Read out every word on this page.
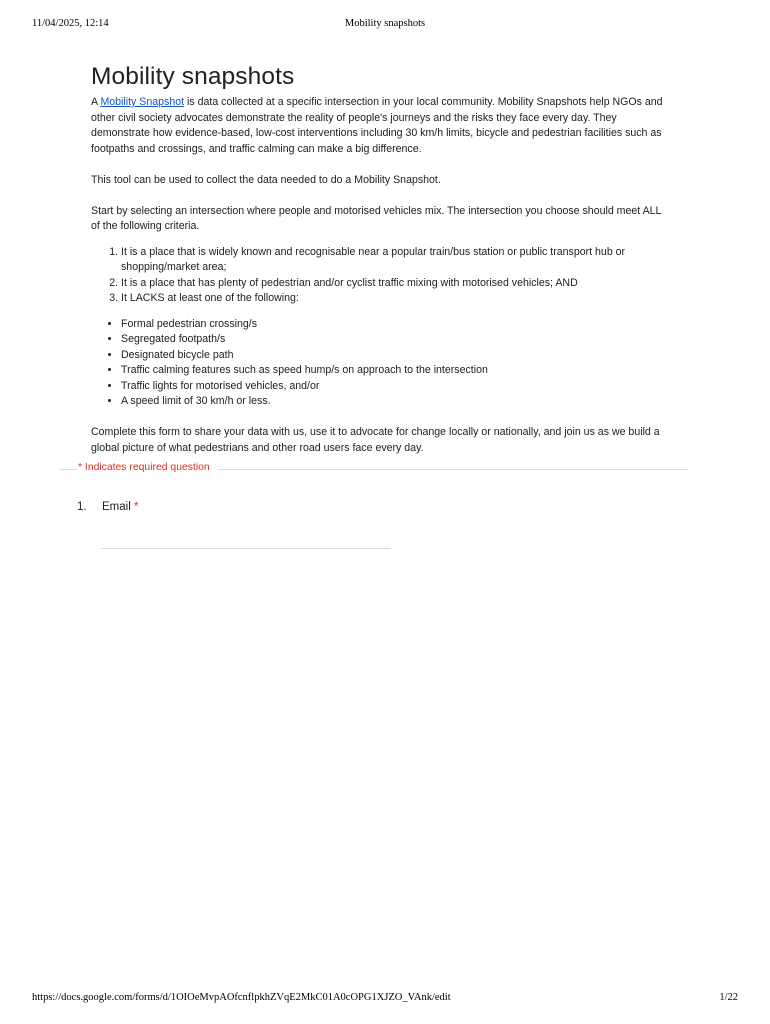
11/04/2025, 12:14	Mobility snapshots
Mobility snapshots

A Mobility Snapshot is data collected at a specific intersection in your local community. Mobility Snapshots help NGOs and other civil society advocates demonstrate the reality of people's journeys and the risks they face every day. They demonstrate how evidence-based, low-cost interventions including 30 km/h limits, bicycle and pedestrian facilities such as footpaths and crossings, and traffic calming can make a big difference.

This tool can be used to collect the data needed to do a Mobility Snapshot.

Start by selecting an intersection where people and motorised vehicles mix. The intersection you choose should meet ALL of the following criteria.

1. It is a place that is widely known and recognisable near a popular train/bus station or public transport hub or shopping/market area;
2. It is a place that has plenty of pedestrian and/or cyclist traffic mixing with motorised vehicles; AND
3. It LACKS at least one of the following:
• Formal pedestrian crossing/s
• Segregated footpath/s
• Designated bicycle path
• Traffic calming features such as speed hump/s on approach to the intersection
• Traffic lights for motorised vehicles, and/or
• A speed limit of 30 km/h or less.

Complete this form to share your data with us, use it to advocate for change locally or nationally, and join us as we build a global picture of what pedestrians and other road users face every day.

* Indicates required question
1. Email *
https://docs.google.com/forms/d/1OIOeMvpAOfcnflpkhZVqE2MkC01A0cOPG1XJZO_VAnk/edit	1/22
